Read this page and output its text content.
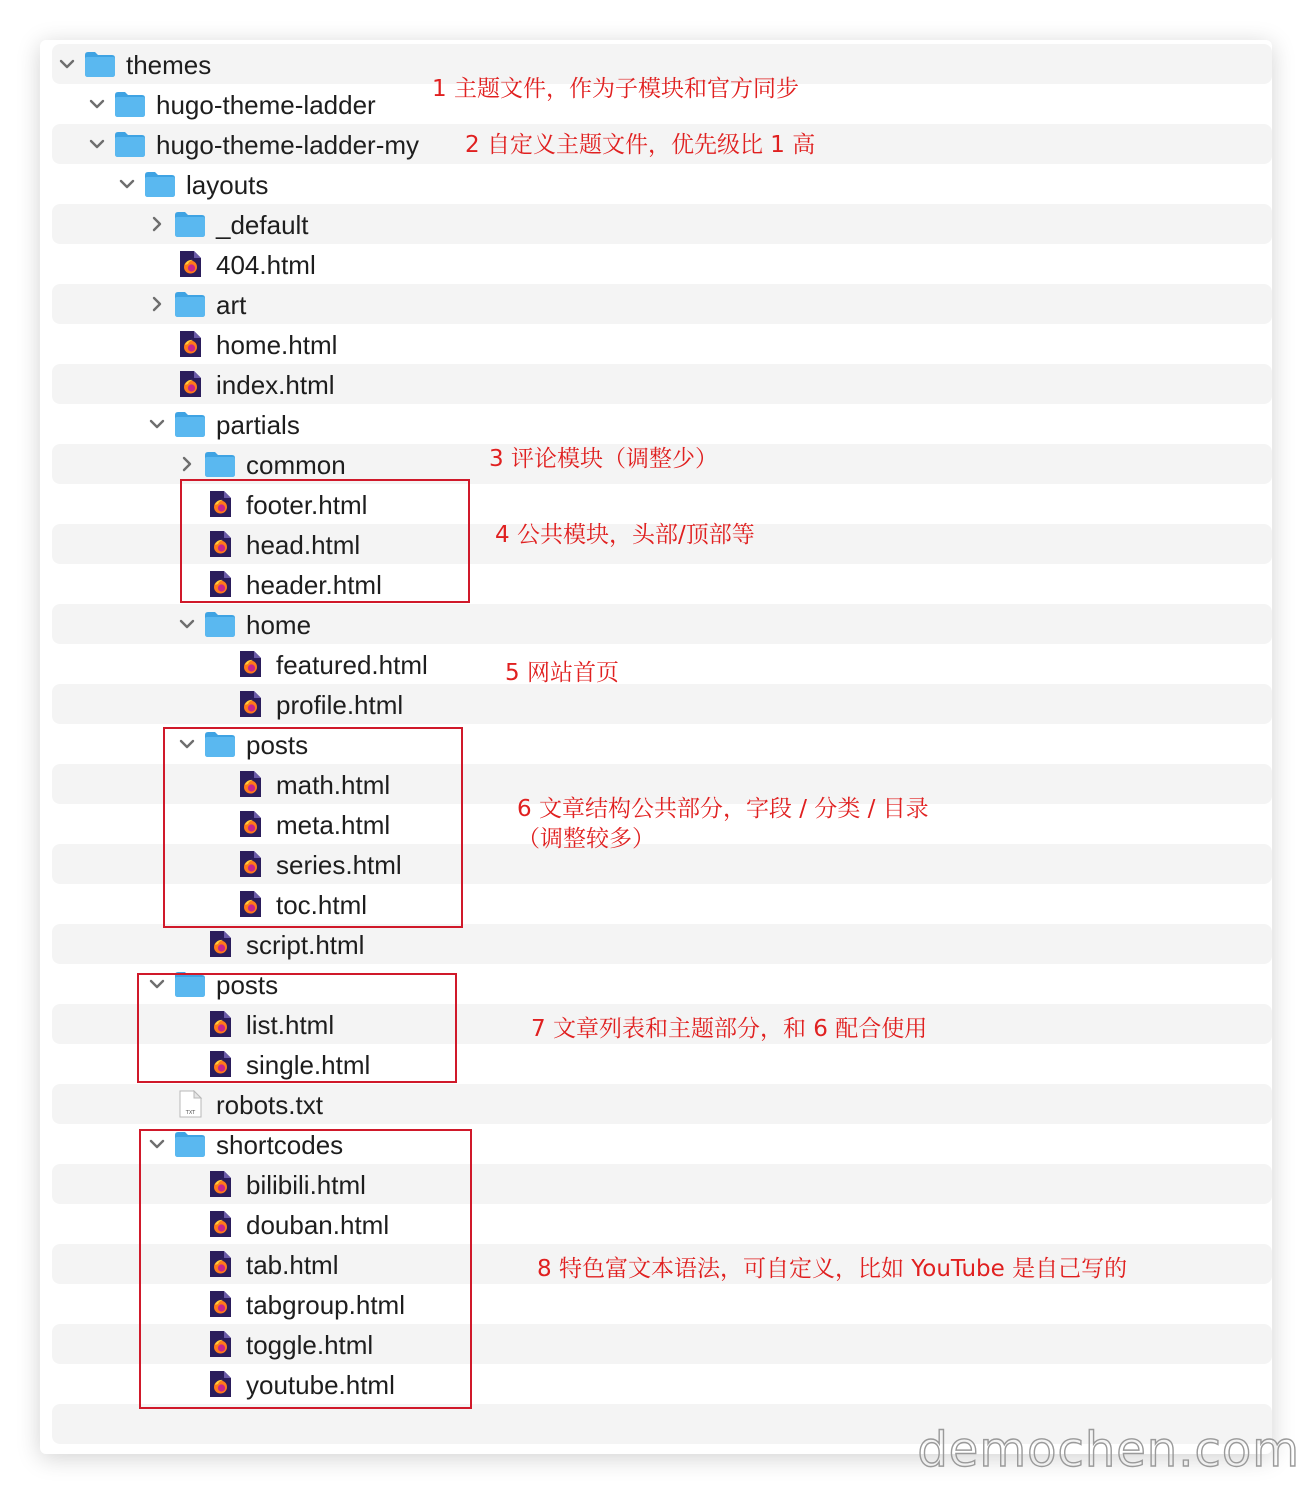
themes
hugo-theme-ladder
hugo-theme-ladder-my
layouts
_default
404.html
art
home.html
index.html
partials
common
footer.html
head.html
header.html
home
featured.html
profile.html
posts
math.html
meta.html
series.html
toc.html
script.html
posts
list.html
single.html
TXT robots.txt
shortcodes
bilibili.html
douban.html
tab.html
tabgroup.html
toggle.html
youtube.html
1 主题文件，作为子模块和官方同步
2 自定义主题文件，优先级比 1 高
3 评论模块（调整少）
4 公共模块，头部/顶部等
5 网站首页
6 文章结构公共部分，字段 / 分类 / 目录
（调整较多）
7 文章列表和主题部分，和 6 配合使用
8 特色富文本语法，可自定义，比如 YouTube 是自己写的
demochen.com
